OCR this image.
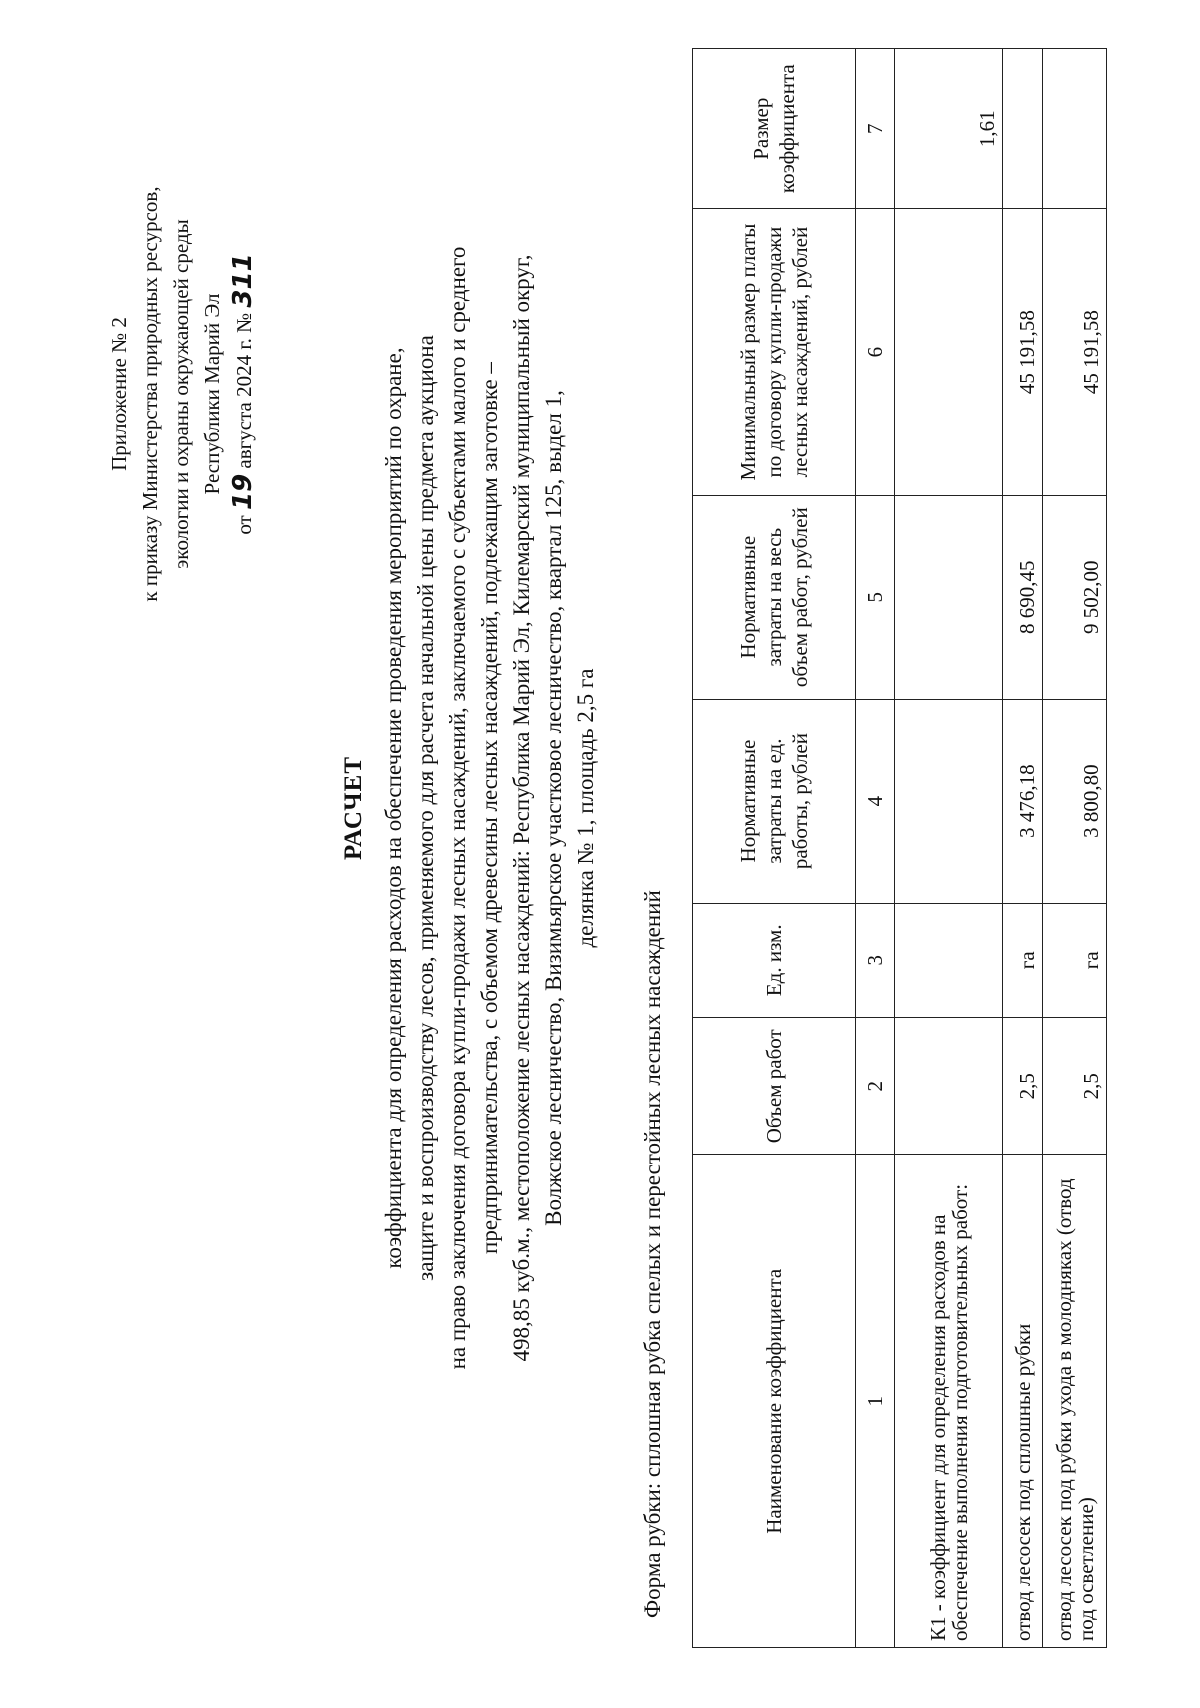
Приложение № 2 к приказу Министерства природных ресурсов, экологии и охраны окружающей среды Республики Марий Эл
от 19 августа 2024 г. № 311
РАСЧЕТ коэффициента для определения расходов на обеспечение проведения мероприятий по охране, защите и воспроизводству лесов, применяемого для расчета начальной цены предмета аукциона на право заключения договора купли-продажи лесных насаждений, заключаемого с субъектами малого и среднего предпринимательства, с объемом древесины лесных насаждений, подлежащим заготовке – 498,85 куб.м., местоположение лесных насаждений: Республика Марий Эл, Килемарский муниципальный округ, Волжское лесничество, Визимьярское участковое лесничество, квартал 125, выдел 1, делянка № 1, площадь 2,5 га
Форма рубки: сплошная рубка спелых и перестойных лесных насаждений	Наименование коэффициента	Объем работ	Ед. изм.	Нормативные затраты на ед. работы, рублей	Нормативные затраты на весь объем работ, рублей	Минимальный размер платы по договору купли-продажи лесных насаждений, рублей	Размер коэффициента
1	2	3	4	5	6	7
К1 - коэффициент для определения расходов на обеспечение выполнения подготовительных работ:						1,61
отвод лесосек под сплошные рубки	2,5	га	3 476,18	8 690,45	45 191,58	
отвод лесосек под рубки ухода в молодняках (отвод под осветление)	2,5	га	3 800,80	9 502,00	45 191,58	
